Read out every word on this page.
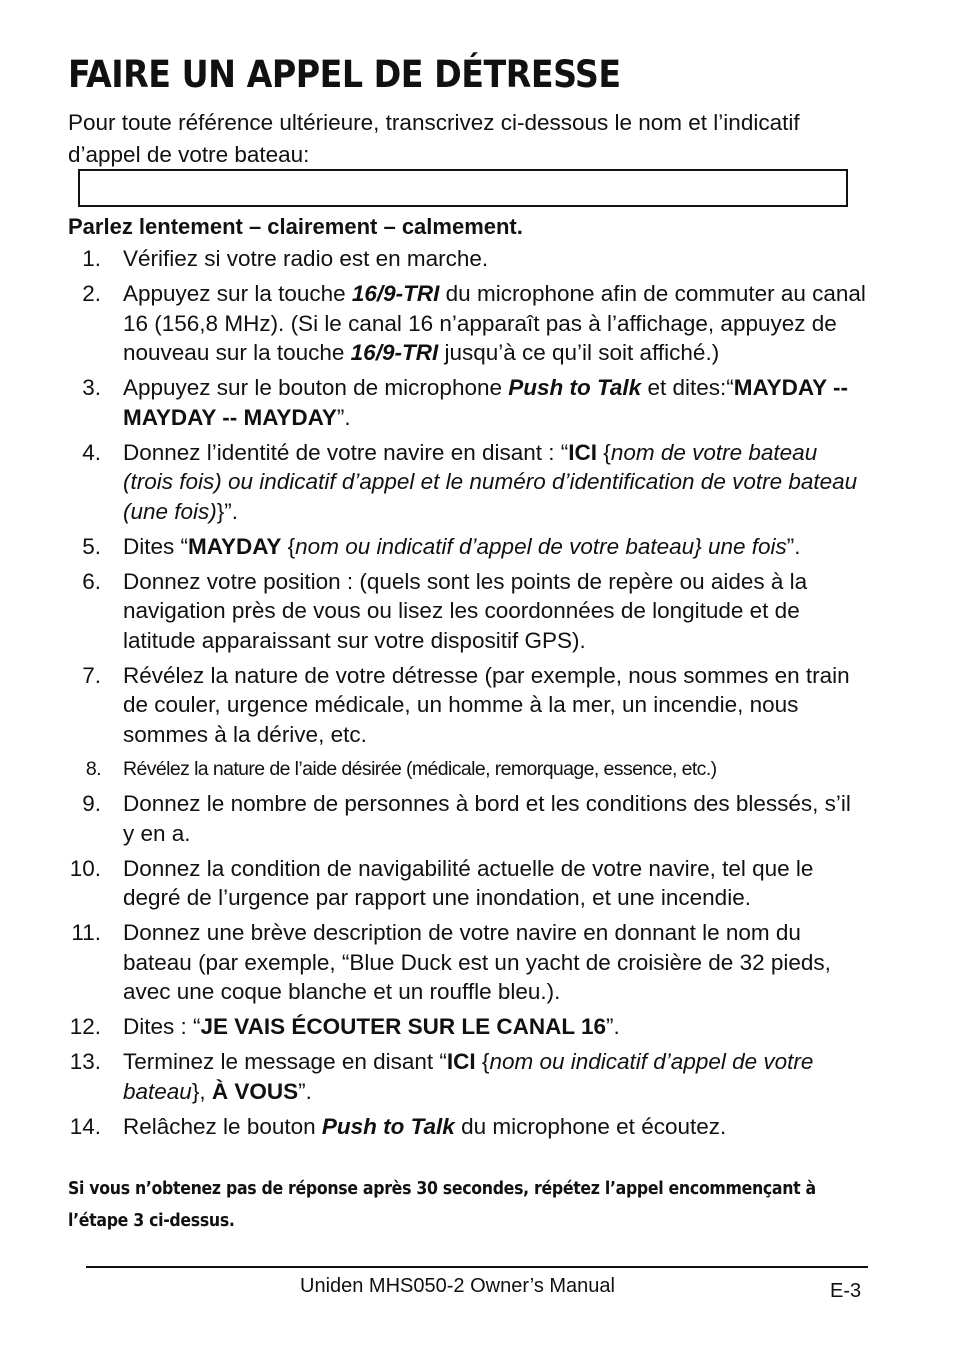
FAIRE UN APPEL DE DÉTRESSE

Pour toute référence ultérieure, transcrivez ci-dessous le nom et l’indicatif d’appel de votre bateau:

Parlez lentement – clairement – calmement.

1. Vérifiez si votre radio est en marche.
2. Appuyez sur la touche 16/9-TRI du microphone afin de commuter au canal 16 (156,8 MHz). (Si le canal 16 n’apparaît pas à l’affichage, appuyez de nouveau sur la touche 16/9-TRI jusqu’à ce qu’il soit affiché.)
3. Appuyez sur le bouton de microphone Push to Talk et dites:“MAYDAY -- MAYDAY -- MAYDAY”.
4. Donnez l’identité de votre navire en disant : “ICI {nom de votre bateau (trois fois) ou indicatif d’appel et le numéro d’identification de votre bateau (une fois)}”.
5. Dites “MAYDAY {nom ou indicatif d’appel de votre bateau} une fois”.
6. Donnez votre position : (quels sont les points de repère ou aides à la navigation près de vous ou lisez les coordonnées de longitude et de latitude apparaissant sur votre dispositif GPS).
7. Révélez la nature de votre détresse (par exemple, nous sommes en train de couler, urgence médicale, un homme à la mer, un incendie, nous sommes à la dérive, etc.
8. Révélez la nature de l’aide désirée (médicale, remorquage, essence, etc.)
9. Donnez le nombre de personnes à bord et les conditions des blessés, s’il y en a.
10. Donnez la condition de navigabilité actuelle de votre navire, tel que le degré de l’urgence par rapport une inondation, et une incendie.
11. Donnez une brève description de votre navire en donnant le nom du bateau (par exemple, “Blue Duck est un yacht de croisière de 32 pieds, avec une coque blanche et un rouffle bleu.).
12. Dites : “JE VAIS ÉCOUTER SUR LE CANAL 16”.
13. Terminez le message en disant “ICI {nom ou indicatif d’appel de votre bateau}, À VOUS”.
14. Relâchez le bouton Push to Talk du microphone et écoutez.

Si vous n’obtenez pas de réponse après 30 secondes, répétez l’appel encommençant à l’étape 3 ci-dessus.

Uniden MHS050-2 Owner’s Manual	E-3
